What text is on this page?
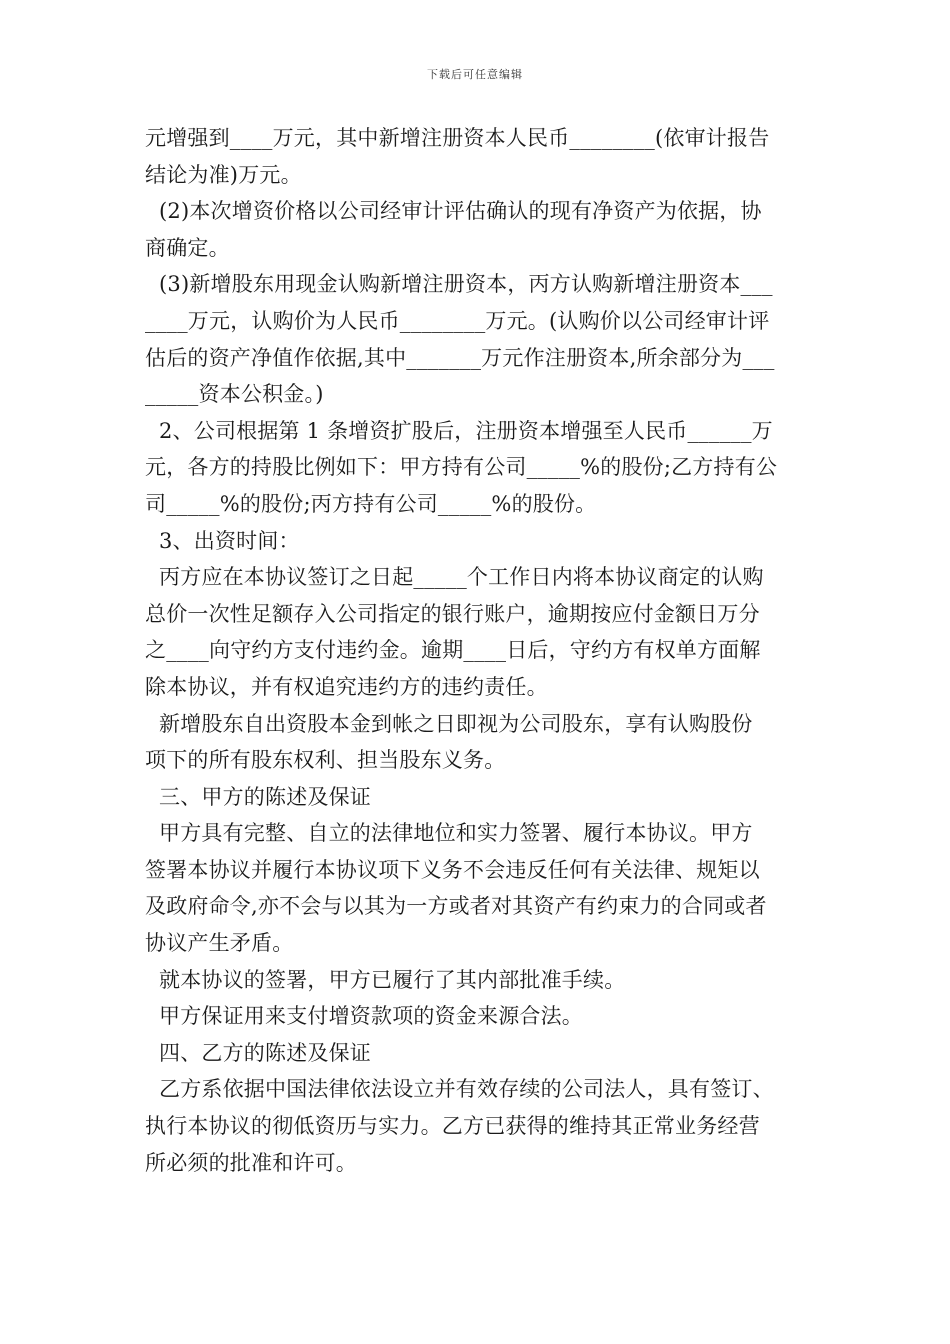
下载后可任意编辑
元增强到____万元，其中新增注册资本人民币________(依审计报告
结论为准)万元。
(2)本次增资价格以公司经审计评估确认的现有净资产为依据，协
商确定。
(3)新增股东用现金认购新增注册资本，丙方认购新增注册资本___
____万元，认购价为人民币________万元。(认购价以公司经审计评
估后的资产净值作依据,其中_______万元作注册资本,所余部分为___
_____资本公积金。)
2、公司根据第 1 条增资扩股后，注册资本增强至人民币______万
元，各方的持股比例如下：甲方持有公司_____%的股份;乙方持有公
司_____%的股份;丙方持有公司_____%的股份。
3、出资时间：
丙方应在本协议签订之日起_____个工作日内将本协议商定的认购
总价一次性足额存入公司指定的银行账户，逾期按应付金额日万分
之____向守约方支付违约金。逾期____日后，守约方有权单方面解
除本协议，并有权追究违约方的违约责任。
新增股东自出资股本金到帐之日即视为公司股东，享有认购股份
项下的所有股东权利、担当股东义务。
三、甲方的陈述及保证
甲方具有完整、自立的法律地位和实力签署、履行本协议。甲方
签署本协议并履行本协议项下义务不会违反任何有关法律、规矩以
及政府命令,亦不会与以其为一方或者对其资产有约束力的合同或者
协议产生矛盾。
就本协议的签署，甲方已履行了其内部批准手续。
甲方保证用来支付增资款项的资金来源合法。
四、乙方的陈述及保证
乙方系依据中国法律依法设立并有效存续的公司法人，具有签订、
执行本协议的彻低资历与实力。乙方已获得的维持其正常业务经营
所必须的批准和许可。
